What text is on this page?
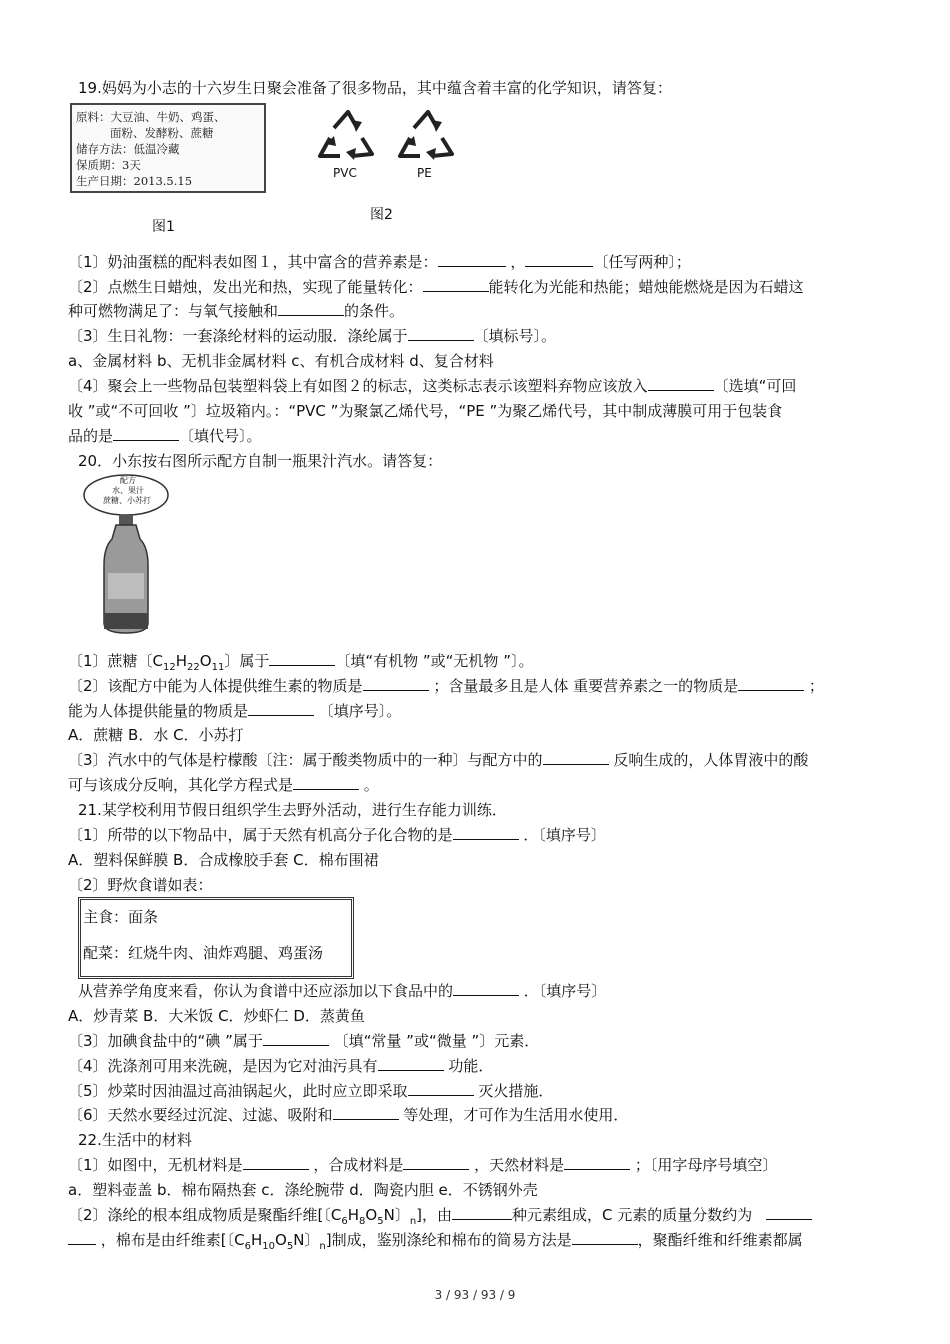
19.妈妈为小志的十六岁生日聚会准备了很多物品，其中蕴含着丰富的化学知识，请答复：
原料：大豆油、牛奶、鸡蛋、
面粉、发酵粉、蔗糖
储存方法：低温冷藏
保质期：3天
生产日期：2013.5.15
图1
PVC	PE
图2
〔1〕奶油蛋糕的配料表如图１，其中富含的营养素是：	，	〔任写两种〕；
〔2〕点燃生日蜡烛，发出光和热，实现了能量转化：	能转化为光能和热能；蜡烛能燃烧是因为石蜡这
种可燃物满足了：与氧气接触和	的条件。
〔3〕生日礼物：一套涤纶材料的运动服．涤纶属于	〔填标号〕。
a、金属材料 b、无机非金属材料 c、有机合成材料 d、复合材料
〔4〕聚会上一些物品包装塑料袋上有如图２的标志，这类标志表示该塑料弃物应该放入	〔选填“可回
收 ”或“不可回收 ”〕垃圾箱内。：“PVC ”为聚氯乙烯代号，“PE ”为聚乙烯代号，其中制成薄膜可用于包装食
品的是	〔填代号〕。
20．小东按右图所示配方自制一瓶果汁汽水。请答复：
配方
水、果汁
蔗糖、小苏打
〔1〕蔗糖〔$C_{12}H_{22}O_{11}$〕属于	〔填“有机物 ”或“无机物 ”〕。
〔2〕该配方中能为人体提供维生素的物质是	；含量最多且是人体 重要营养素之一的物质是	；
能为人体提供能量的物质是	〔填序号〕。
A．蔗糖 B．水 C．小苏打
〔3〕汽水中的气体是柠檬酸〔注：属于酸类物质中的一种〕与配方中的	反响生成的，人体胃液中的酸
可与该成分反响，其化学方程式是	。
21.某学校利用节假日组织学生去野外活动，进行生存能力训练．
〔1〕所带的以下物品中，属于天然有机高分子化合物的是	．〔填序号〕
A．塑料保鲜膜 B．合成橡胶手套 C．棉布围裙
〔2〕野炊食谱如表：
主食：面条
配菜：红烧牛肉、油炸鸡腿、鸡蛋汤
从营养学角度来看，你认为食谱中还应添加以下食品中的	．〔填序号〕
A．炒青菜 B．大米饭 C．炒虾仁 D．蒸黄鱼
〔3〕加碘食盐中的“碘 ”属于	〔填“常量 ”或“微量 ”〕元素．
〔4〕洗涤剂可用来洗碗，是因为它对油污具有	功能．
〔5〕炒菜时因油温过高油锅起火，此时应立即采取	灭火措施．
〔6〕天然水要经过沉淀、过滤、吸附和	等处理，才可作为生活用水使用．
22.生活中的材料
〔1〕如图中，无机材料是	，合成材料是	，天然材料是	；〔用字母序号填空〕
a．塑料壶盖 b．棉布隔热套 c．涤纶腕带 d．陶瓷内胆 e．不锈钢外壳
〔2〕涤纶的根本组成物质是聚酯纤维[〔$C_6H_8O_5N$〕$_n$]，由	种元素组成，C 元素的质量分数约为
，棉布是由纤维素[〔$C_6H_{10}O_5N$〕$_n$]制成，鉴别涤纶和棉布的简易方法是	，聚酯纤维和纤维素都属
3 / 93 / 93 / 9
